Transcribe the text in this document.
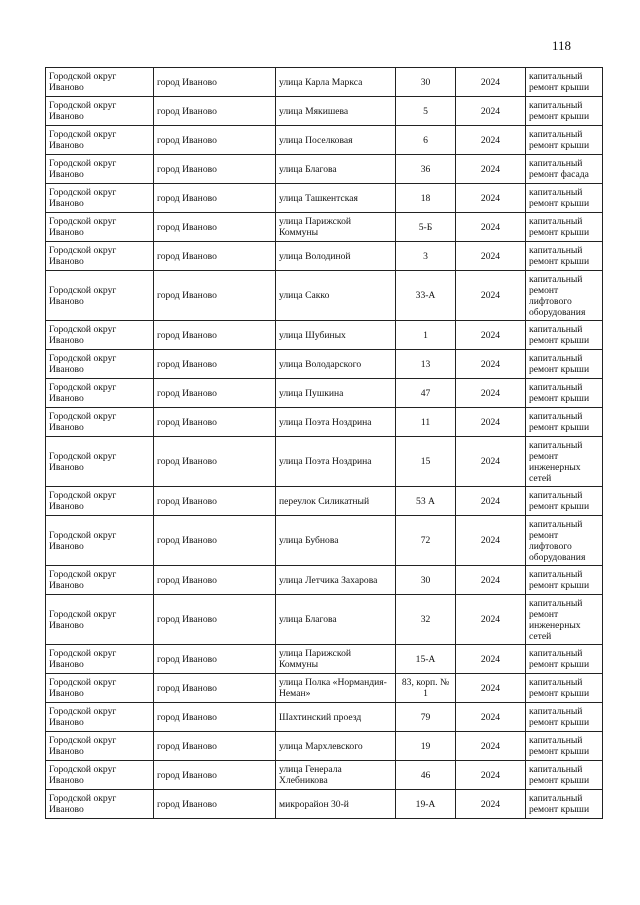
118
Городской округ Иваново	город Иваново	улица Карла Маркса	30	2024	капитальный ремонт крыши
Городской округ Иваново	город Иваново	улица Мякишева	5	2024	капитальный ремонт крыши
Городской округ Иваново	город Иваново	улица Поселковая	6	2024	капитальный ремонт крыши
Городской округ Иваново	город Иваново	улица Благова	36	2024	капитальный ремонт фасада
Городской округ Иваново	город Иваново	улица Ташкентская	18	2024	капитальный ремонт крыши
Городской округ Иваново	город Иваново	улица Парижской Коммуны	5-Б	2024	капитальный ремонт крыши
Городской округ Иваново	город Иваново	улица Володиной	3	2024	капитальный ремонт крыши
Городской округ Иваново	город Иваново	улица Сакко	33-А	2024	капитальный ремонт лифтового оборудования
Городской округ Иваново	город Иваново	улица Шубиных	1	2024	капитальный ремонт крыши
Городской округ Иваново	город Иваново	улица Володарского	13	2024	капитальный ремонт крыши
Городской округ Иваново	город Иваново	улица Пушкина	47	2024	капитальный ремонт крыши
Городской округ Иваново	город Иваново	улица Поэта Ноздрина	11	2024	капитальный ремонт крыши
Городской округ Иваново	город Иваново	улица Поэта Ноздрина	15	2024	капитальный ремонт инженерных сетей
Городской округ Иваново	город Иваново	переулок Силикатный	53 А	2024	капитальный ремонт крыши
Городской округ Иваново	город Иваново	улица Бубнова	72	2024	капитальный ремонт лифтового оборудования
Городской округ Иваново	город Иваново	улица Летчика Захарова	30	2024	капитальный ремонт крыши
Городской округ Иваново	город Иваново	улица Благова	32	2024	капитальный ремонт инженерных сетей
Городской округ Иваново	город Иваново	улица Парижской Коммуны	15-А	2024	капитальный ремонт крыши
Городской округ Иваново	город Иваново	улица Полка «Нормандия-Неман»	83, корп. № 1	2024	капитальный ремонт крыши
Городской округ Иваново	город Иваново	Шахтинский проезд	79	2024	капитальный ремонт крыши
Городской округ Иваново	город Иваново	улица Мархлевского	19	2024	капитальный ремонт крыши
Городской округ Иваново	город Иваново	улица Генерала Хлебникова	46	2024	капитальный ремонт крыши
Городской округ Иваново	город Иваново	микрорайон 30-й	19-А	2024	капитальный ремонт крыши
